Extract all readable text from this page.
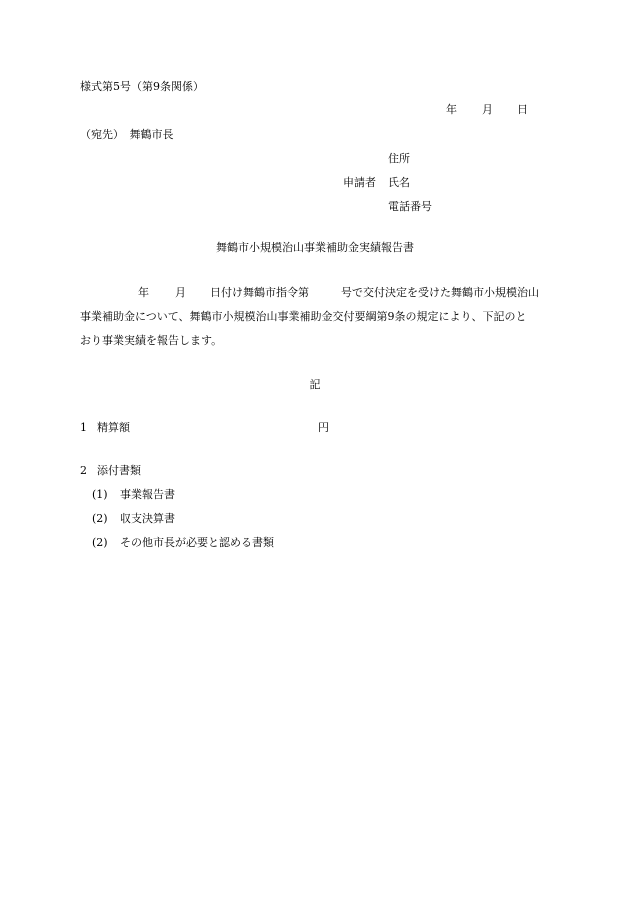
様式第5号（第9条関係）
年 月 日
（宛先）　舞鶴市長
住所
申請者 氏名
電話番号
舞鶴市小規模治山事業補助金実績報告書
年 月 日付け舞鶴市指令第	号で交付決定を受けた舞鶴市小規模治山
事業補助金について、舞鶴市小規模治山事業補助金交付要綱第9条の規定により、下記のと
おり事業実績を報告します。
記
1 精算額	円
2 添付書類
(1) 事業報告書
(2) 収支決算書
(2) その他市長が必要と認める書類
